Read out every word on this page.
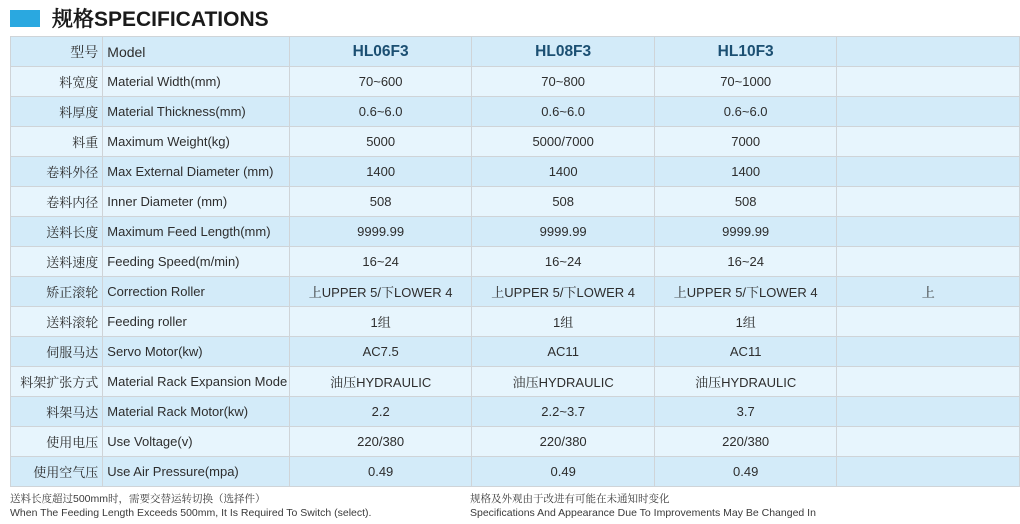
规格SPECIFICATIONS
型号	Model	HL06F3	HL08F3	HL10F3	
料宽度	Material Width(mm)	70~600	70~800	70~1000	
料厚度	Material Thickness(mm)	0.6~6.0	0.6~6.0	0.6~6.0	
料重	Maximum Weight(kg)	5000	5000/7000	7000	
卷料外径	Max External Diameter (mm)	1400	1400	1400	
卷料内径	Inner Diameter (mm)	508	508	508	
送料长度	Maximum Feed Length(mm)	9999.99	9999.99	9999.99	
送料速度	Feeding Speed(m/min)	16~24	16~24	16~24	
矫正滚轮	Correction Roller	上UPPER 5/下LOWER 4	上UPPER 5/下LOWER 4	上UPPER 5/下LOWER 4	上
送料滚轮	Feeding roller	1组	1组	1组	
伺服马达	Servo Motor(kw)	AC7.5	AC11	AC11	
料架扩张方式	Material Rack Expansion Mode	油压HYDRAULIC	油压HYDRAULIC	油压HYDRAULIC	
料架马达	Material Rack Motor(kw)	2.2	2.2~3.7	3.7	
使用电压	Use Voltage(v)	220/380	220/380	220/380	
使用空气压	Use Air Pressure(mpa)	0.49	0.49	0.49	
送料长度超过500mm时，需要交替运转切换（选择件）
When The Feeding Length Exceeds 500mm, It Is Required To Switch (select).
规格及外观由于改进有可能在未通知时变化
Specifications And Appearance Due To Improvements May Be Changed In
